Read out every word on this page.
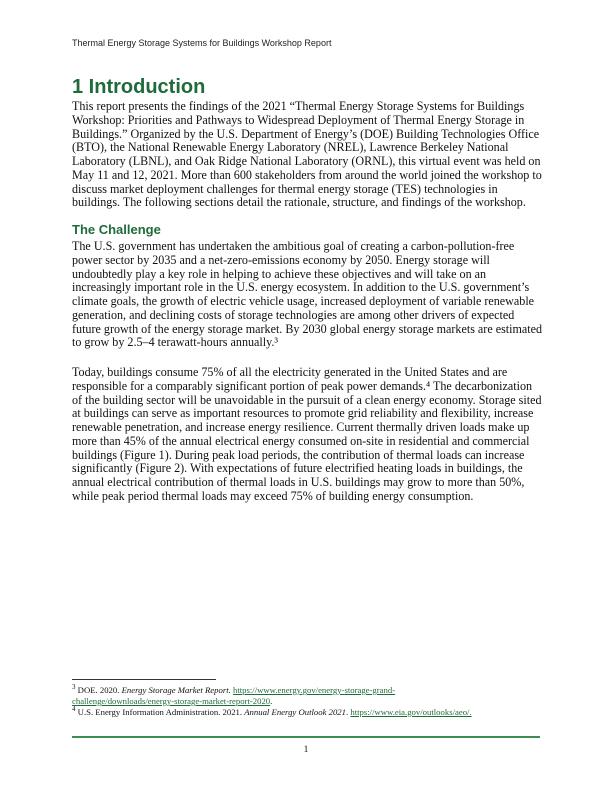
Thermal Energy Storage Systems for Buildings Workshop Report
1 Introduction
This report presents the findings of the 2021 “Thermal Energy Storage Systems for Buildings
Workshop: Priorities and Pathways to Widespread Deployment of Thermal Energy Storage in
Buildings.” Organized by the U.S. Department of Energy’s (DOE) Building Technologies Office
(BTO), the National Renewable Energy Laboratory (NREL), Lawrence Berkeley National
Laboratory (LBNL), and Oak Ridge National Laboratory (ORNL), this virtual event was held on
May 11 and 12, 2021. More than 600 stakeholders from around the world joined the workshop to
discuss market deployment challenges for thermal energy storage (TES) technologies in
buildings. The following sections detail the rationale, structure, and findings of the workshop.
The Challenge
The U.S. government has undertaken the ambitious goal of creating a carbon-pollution-free
power sector by 2035 and a net-zero-emissions economy by 2050. Energy storage will
undoubtedly play a key role in helping to achieve these objectives and will take on an
increasingly important role in the U.S. energy ecosystem. In addition to the U.S. government’s
climate goals, the growth of electric vehicle usage, increased deployment of variable renewable
generation, and declining costs of storage technologies are among other drivers of expected
future growth of the energy storage market. By 2030 global energy storage markets are estimated
to grow by 2.5–4 terawatt-hours annually.³
Today, buildings consume 75% of all the electricity generated in the United States and are
responsible for a comparably significant portion of peak power demands.⁴ The decarbonization
of the building sector will be unavoidable in the pursuit of a clean energy economy. Storage sited
at buildings can serve as important resources to promote grid reliability and flexibility, increase
renewable penetration, and increase energy resilience. Current thermally driven loads make up
more than 45% of the annual electrical energy consumed on-site in residential and commercial
buildings (Figure 1). During peak load periods, the contribution of thermal loads can increase
significantly (Figure 2). With expectations of future electrified heating loads in buildings, the
annual electrical contribution of thermal loads in U.S. buildings may grow to more than 50%,
while peak period thermal loads may exceed 75% of building energy consumption.
$^3$ DOE. 2020. Energy Storage Market Report. https://www.energy.gov/energy-storage-grand-
challenge/downloads/energy-storage-market-report-2020.
$^4$ U.S. Energy Information Administration. 2021. Annual Energy Outlook 2021. https://www.eia.gov/outlooks/aeo/.
1
